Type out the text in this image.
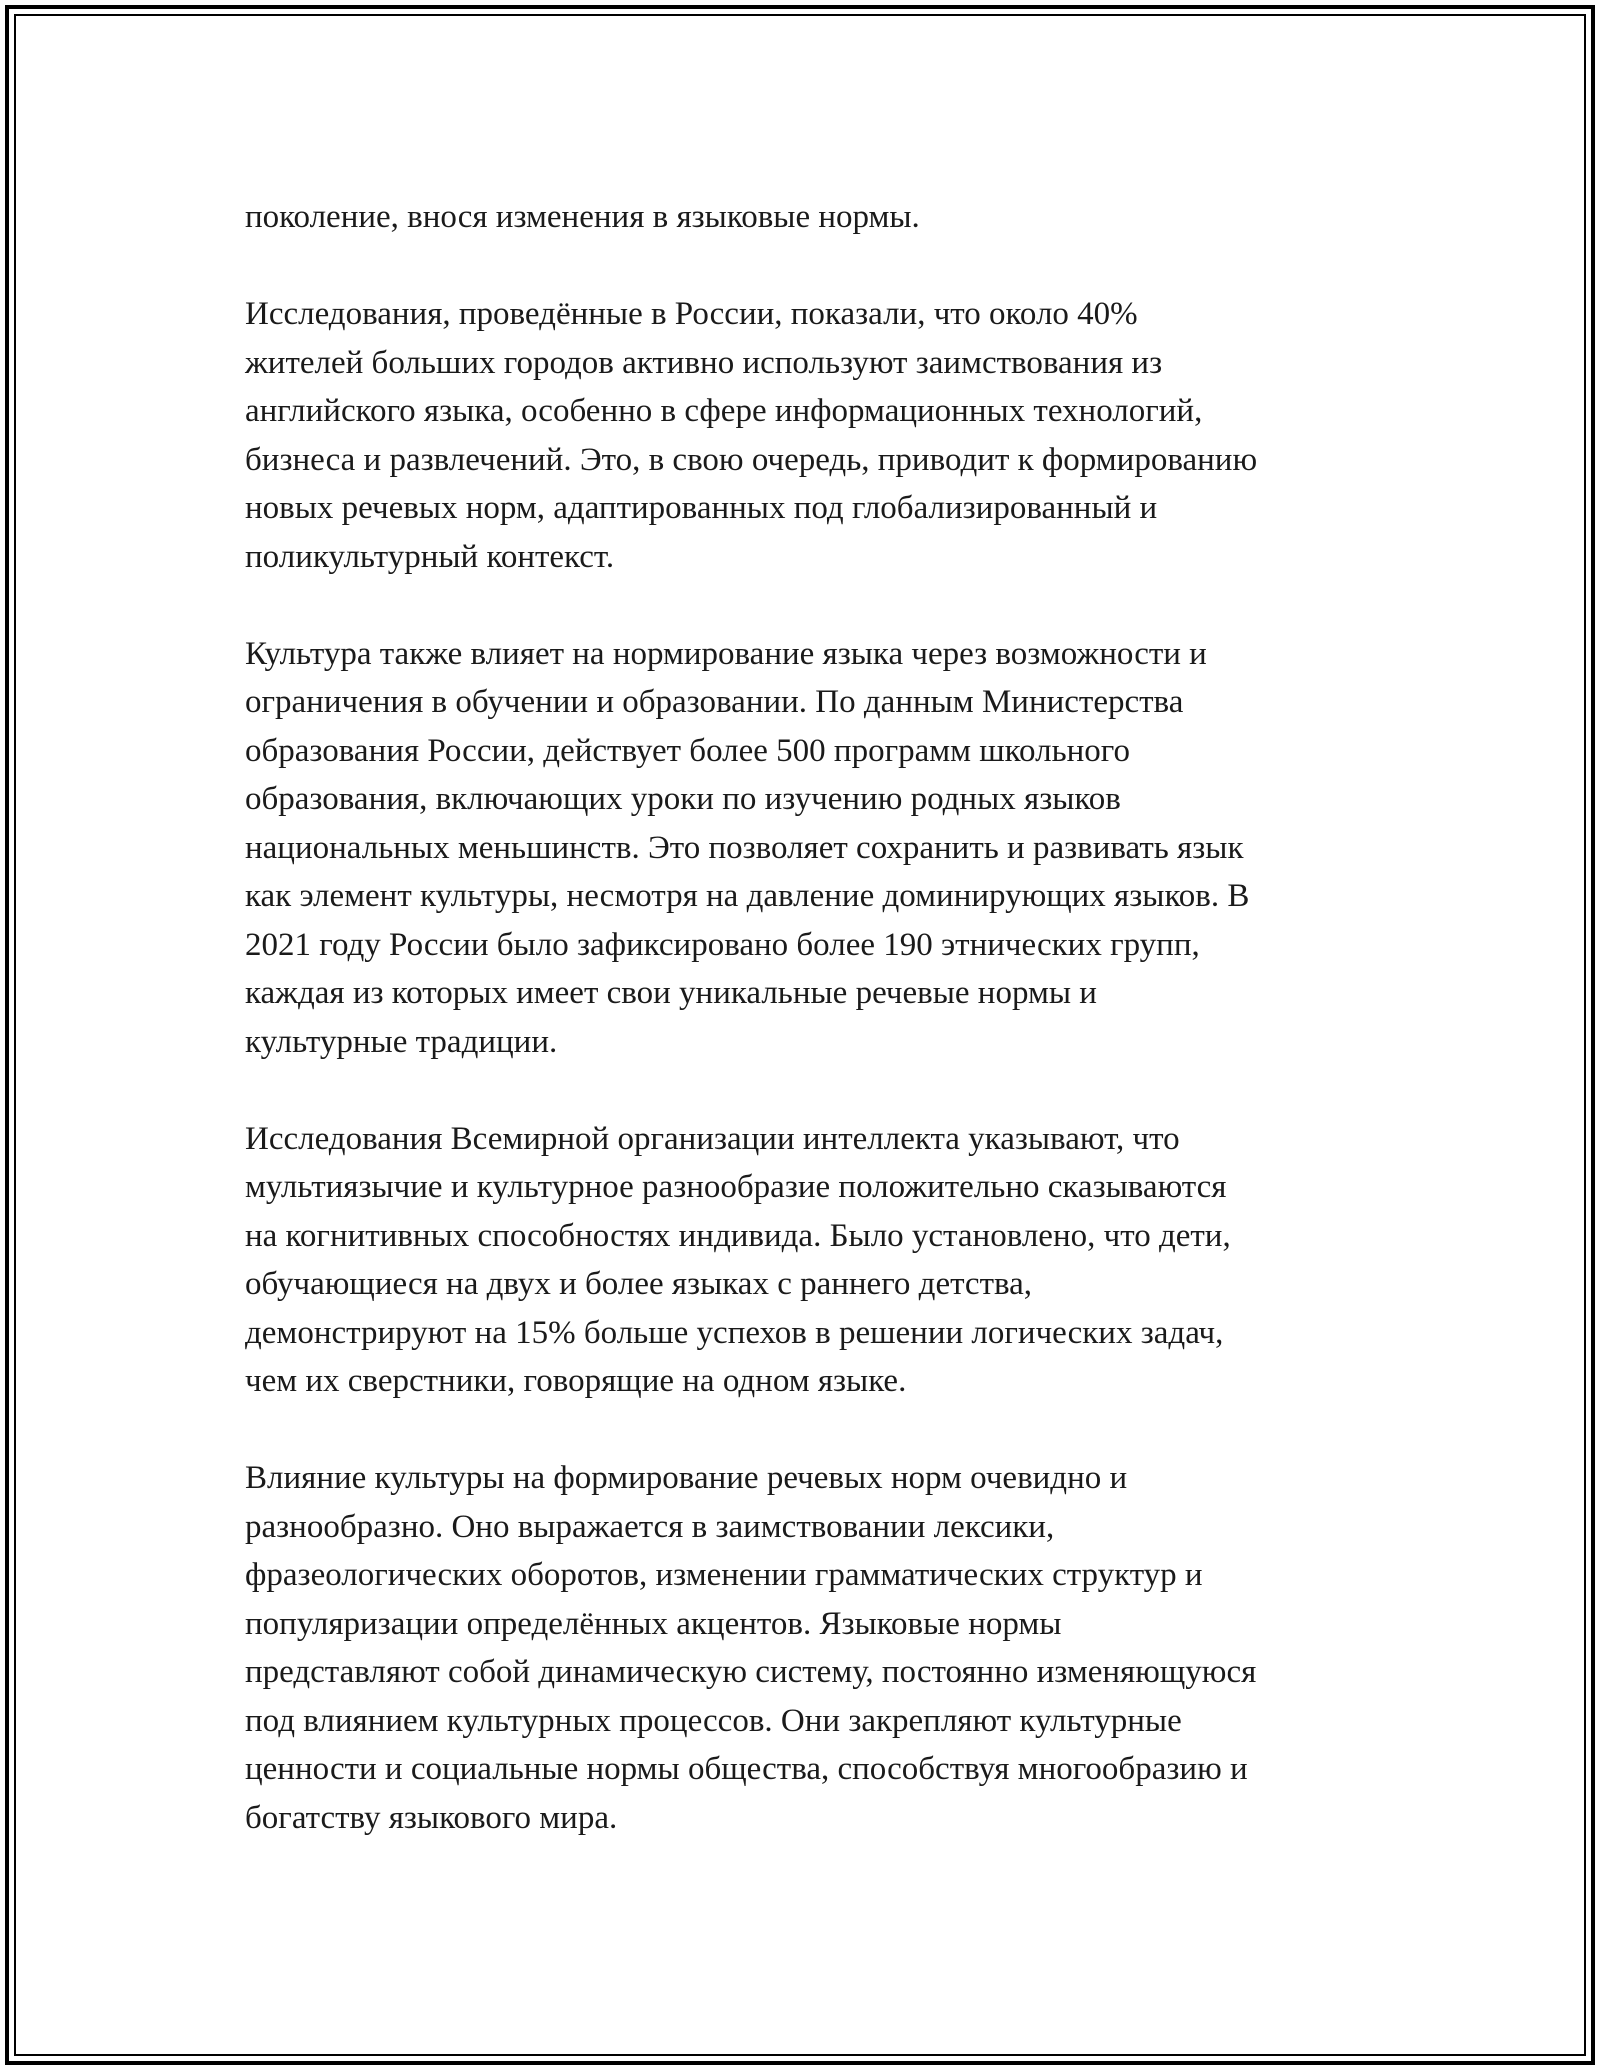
поколение, внося изменения в языковые нормы.

Исследования, проведённые в России, показали, что около 40%
жителей больших городов активно используют заимствования из
английского языка, особенно в сфере информационных технологий,
бизнеса и развлечений. Это, в свою очередь, приводит к формированию
новых речевых норм, адаптированных под глобализированный и
поликультурный контекст.

Культура также влияет на нормирование языка через возможности и
ограничения в обучении и образовании. По данным Министерства
образования России, действует более 500 программ школьного
образования, включающих уроки по изучению родных языков
национальных меньшинств. Это позволяет сохранить и развивать язык
как элемент культуры, несмотря на давление доминирующих языков. В
2021 году России было зафиксировано более 190 этнических групп,
каждая из которых имеет свои уникальные речевые нормы и
культурные традиции.

Исследования Всемирной организации интеллекта указывают, что
мультиязычие и культурное разнообразие положительно сказываются
на когнитивных способностях индивида. Было установлено, что дети,
обучающиеся на двух и более языках с раннего детства,
демонстрируют на 15% больше успехов в решении логических задач,
чем их сверстники, говорящие на одном языке.

Влияние культуры на формирование речевых норм очевидно и
разнообразно. Оно выражается в заимствовании лексики,
фразеологических оборотов, изменении грамматических структур и
популяризации определённых акцентов. Языковые нормы
представляют собой динамическую систему, постоянно изменяющуюся
под влиянием культурных процессов. Они закрепляют культурные
ценности и социальные нормы общества, способствуя многообразию и
богатству языкового мира.
